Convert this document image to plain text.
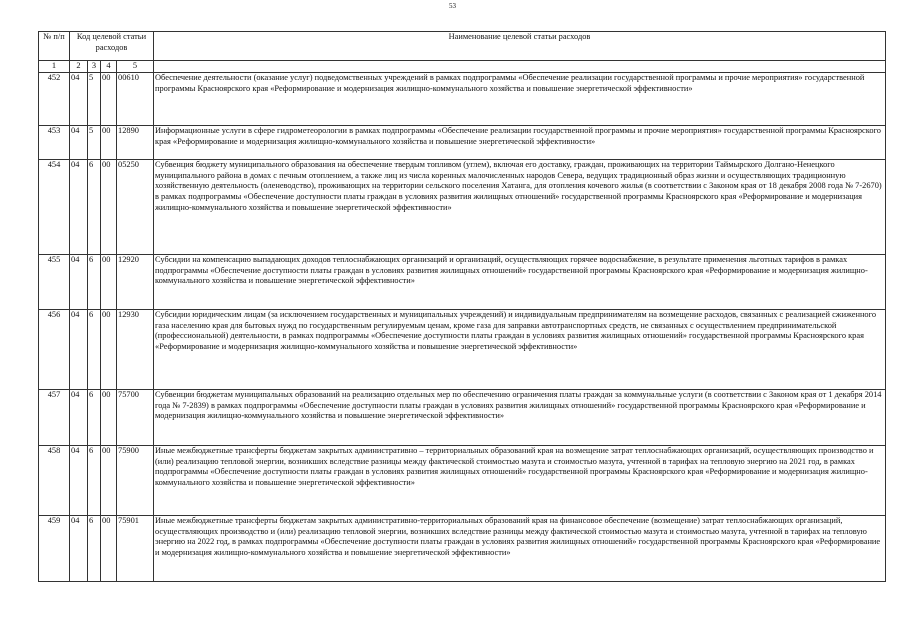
53
№ п/п	Код целевой статьи расходов				Наименование целевой статьи расходов

1	2	3	4	5	
452	04	5	00	00610	Обеспечение деятельности (оказание услуг) подведомственных учреждений в рамках подпрограммы «Обеспечение реализации государственной программы и прочие мероприятия» государственной программы Красноярского края «Реформирование и модернизация жилищно-коммунального хозяйства и повышение энергетической эффективности»
453	04	5	00	12890	Информационные услуги в сфере гидрометеорологии в рамках подпрограммы «Обеспечение реализации государственной программы и прочие мероприятия» государственной программы Красноярского края «Реформирование и модернизация жилищно-коммунального хозяйства и повышение энергетической эффективности»
454	04	6	00	05250	Субвенция бюджету муниципального образования на обеспечение твердым топливом (углем), включая его доставку, граждан, проживающих на территории Таймырского Долгано-Ненецкого муниципального района в домах с печным отоплением, а также лиц из числа коренных малочисленных народов Севера, ведущих традиционный образ жизни и осуществляющих традиционную хозяйственную деятельность (оленеводство), проживающих на территории сельского поселения Хатанга, для отопления кочевого жилья (в соответствии с Законом края от 18 декабря 2008 года № 7-2670) в рамках подпрограммы «Обеспечение доступности платы граждан в условиях развития жилищных отношений» государственной программы Красноярского края «Реформирование и модернизация жилищно-коммунального хозяйства и повышение энергетической эффективности»
455	04	6	00	12920	Субсидии на компенсацию выпадающих доходов теплоснабжающих организаций и организаций, осуществляющих горячее водоснабжение, в результате применения льготных тарифов в рамках подпрограммы «Обеспечение доступности платы граждан в условиях развития жилищных отношений» государственной программы Красноярского края «Реформирование и модернизация жилищно-коммунального хозяйства и повышение энергетической эффективности»
456	04	6	00	12930	Субсидии юридическим лицам (за исключением государственных и муниципальных учреждений) и индивидуальным предпринимателям на возмещение расходов, связанных с реализацией сжиженного газа населению края для бытовых нужд по государственным регулируемым ценам, кроме газа для заправки автотранспортных средств, не связанных с осуществлением предпринимательской (профессиональной) деятельности, в рамках подпрограммы «Обеспечение доступности платы граждан в условиях развития жилищных отношений» государственной программы Красноярского края «Реформирование и модернизация жилищно-коммунального хозяйства и повышение энергетической эффективности»
457	04	6	00	75700	Субвенции бюджетам муниципальных образований на реализацию отдельных мер по обеспечению ограничения платы граждан за коммунальные услуги (в соответствии с Законом края от 1 декабря 2014 года № 7-2839) в рамках подпрограммы «Обеспечение доступности платы граждан в условиях развития жилищных отношений» государственной программы Красноярского края «Реформирование и модернизация жилищно-коммунального хозяйства и повышение энергетической эффективности»
458	04	6	00	75900	Иные межбюджетные трансферты бюджетам закрытых административно – территориальных образований края на возмещение затрат теплоснабжающих организаций, осуществляющих производство и (или) реализацию тепловой энергии, возникших вследствие разницы между фактической стоимостью мазута и стоимостью мазута, учтенной в тарифах на тепловую энергию на 2021 год, в рамках подпрограммы «Обеспечение доступности платы граждан в условиях развития жилищных отношений» государственной программы Красноярского края «Реформирование и модернизация жилищно-коммунального хозяйства и повышение энергетической эффективности»
459	04	6	00	75901	Иные межбюджетные трансферты бюджетам закрытых административно-территориальных образований края на финансовое обеспечение (возмещение) затрат теплоснабжающих организаций, осуществляющих производство и (или) реализацию тепловой энергии, возникших вследствие разницы между фактической стоимостью мазута и стоимостью мазута, учтенной в тарифах на тепловую энергию на 2022 год, в рамках подпрограммы «Обеспечение доступности платы граждан в условиях развития жилищных отношений» государственной программы Красноярского края «Реформирование и модернизация жилищно-коммунального хозяйства и повышение энергетической эффективности»
